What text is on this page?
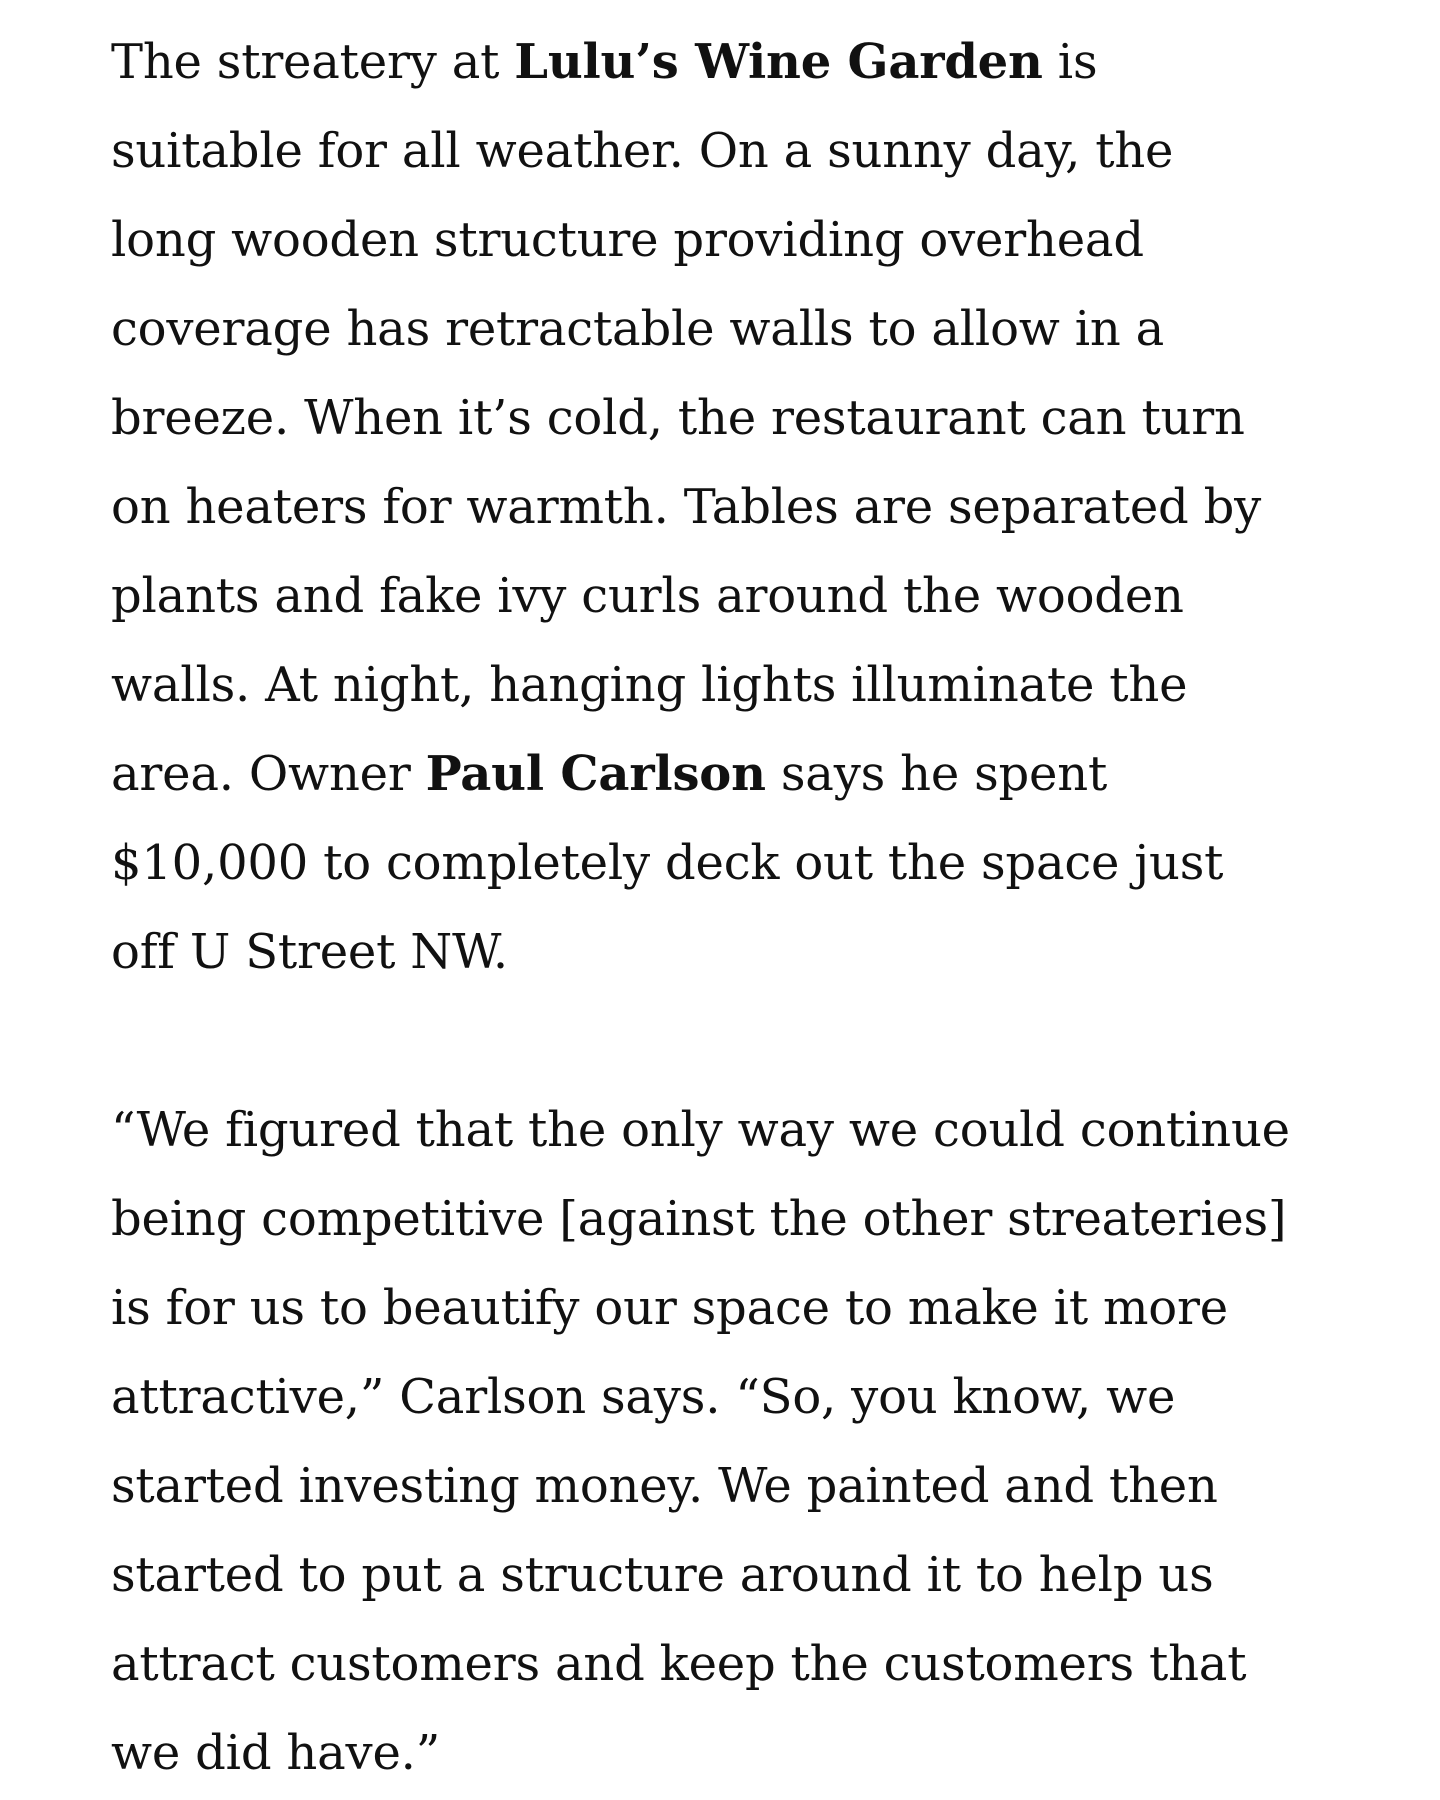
The streatery at Lulu’s Wine Garden is
suitable for all weather. On a sunny day, the
long wooden structure providing overhead
coverage has retractable walls to allow in a
breeze. When it’s cold, the restaurant can turn
on heaters for warmth. Tables are separated by
plants and fake ivy curls around the wooden
walls. At night, hanging lights illuminate the
area. Owner Paul Carlson says he spent
$10,000 to completely deck out the space just
off U Street NW.

“We figured that the only way we could continue
being competitive [against the other streateries]
is for us to beautify our space to make it more
attractive,” Carlson says. “So, you know, we
started investing money. We painted and then
started to put a structure around it to help us
attract customers and keep the customers that
we did have.”
